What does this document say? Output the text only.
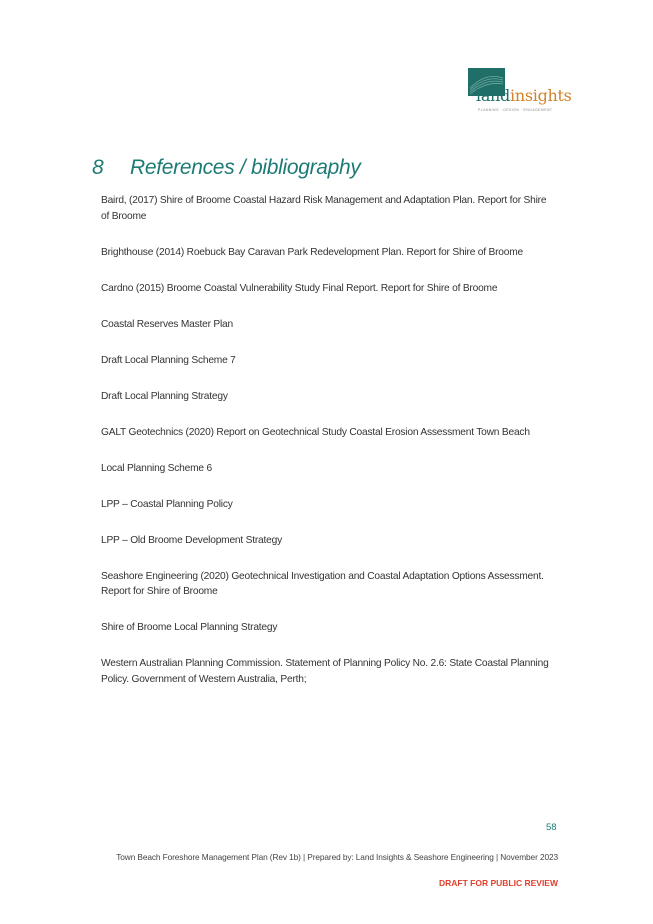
landinsights
PLANNING · DESIGN · ENGAGEMENT
8 References / bibliography

Baird, (2017) Shire of Broome Coastal Hazard Risk Management and Adaptation Plan. Report for Shire of Broome

Brighthouse (2014) Roebuck Bay Caravan Park Redevelopment Plan. Report for Shire of Broome

Cardno (2015) Broome Coastal Vulnerability Study Final Report. Report for Shire of Broome

Coastal Reserves Master Plan

Draft Local Planning Scheme 7

Draft Local Planning Strategy

GALT Geotechnics (2020) Report on Geotechnical Study Coastal Erosion Assessment Town Beach

Local Planning Scheme 6

LPP – Coastal Planning Policy

LPP – Old Broome Development Strategy

Seashore Engineering (2020) Geotechnical Investigation and Coastal Adaptation Options Assessment. Report for Shire of Broome

Shire of Broome Local Planning Strategy

Western Australian Planning Commission. Statement of Planning Policy No. 2.6: State Coastal Planning Policy. Government of Western Australia, Perth;

58
Town Beach Foreshore Management Plan (Rev 1b) | Prepared by: Land Insights & Seashore Engineering | November 2023
DRAFT FOR PUBLIC REVIEW
